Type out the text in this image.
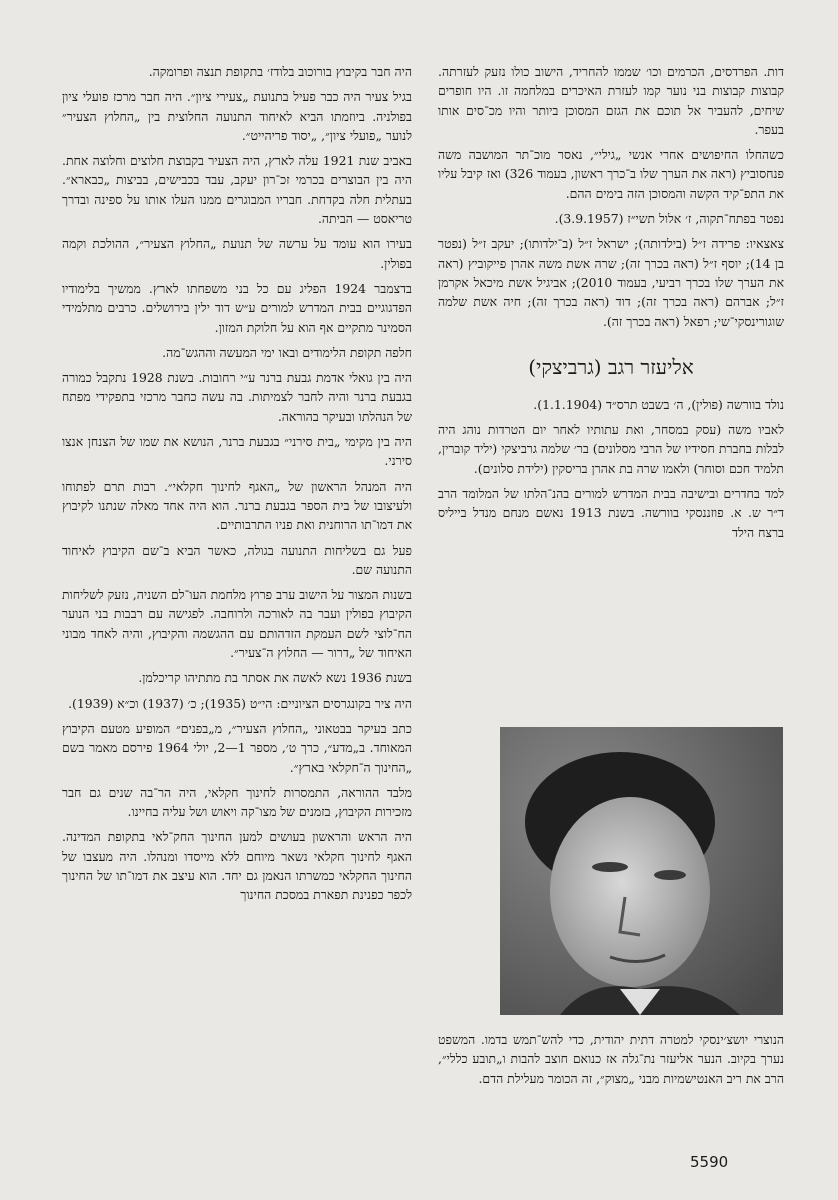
דות. הפרדסים, הכרמים וכו׳ שממו להחריד, הישוב כולו נזעק לעזרתה. קבוצות קבוצות בני נוער קמו לעזרת האיכרים במלחמה זו. היו חופרים שיחים, להעביר אל תוכם את הגזם המסוכן ביותר והיו מכ־סים אותו בעפר.

כשהחלו החיפושים אחרי אנשי „גילי״, נאסר מוכ־תר המושבה משה פנחסוביץ (ראה את הערך שלו ב־כרך ראשון, בעמוד 326) ואז קיבל עליו את התפ־קיד הקשה והמסוכן הזה בימים ההם.

נפטר בפתח־תקוה, ז׳ אלול תשי״ז (3.9.1957).

צאצאיו: פרידה ז״ל (בילדותה); ישראל ז״ל (ב־ילדותו); יעקב ז״ל (נפטר בן 14); יוסף ז״ל (ראה בכרך זה); שרה אשת משה אהרן פייקוביץ (ראה את הערך שלו בכרך רביעי, בעמוד 2010); אביגיל אשת מיכאל אקרמן ז״ל; אברהם (ראה בכרך זה); דוד (ראה בכרך זה); חיה אשת שלמה שוגורינסקי־שי; רפאל (ראה בכרך זה).

אליעזר רגב (גרביצקי)

נולד בוורשה (פולין), ה׳ בשבט תרס״ד (1.1.1904).

לאביו משה (עסק במסחר, ואת עתותיו לאחר יום הטרדות נוהג היה לבלות בחברת חסידיו של הרבי מסלונים) בר׳ שלמה גרביצקי (יליד קוברין, תלמיד חכם וסוחר) ולאמו שרה בת אהרן בריסקין (ילידת סלונים).

למד בחדרים ובישיבה בבית המדרש למורים בהנ־הלתו של המלומד הרב ד״ר ש. א. פוזננסקי בוורשה. בשנת 1913 נאשם מנחם מנדל בייליס ברצח הילד

הנוצרי יושצ׳ינסקי למטרה דתית יהודית, כדי להש־תמש בדמו. המשפט נערך בקיוב. הנער אליעזר נת־גלה אז כנואם חוצב להבות ו„תובע כללי״, הרב את ריב האנטישמיות מבני „מצוק״, זה הכומר מעלילת הדם.

היה חבר בקיבוץ בורוכוב בלודז׳ בתקופת תנצה ופרומקה.

בגיל צעיר היה כבר פעיל בתנועת „צעירי ציון״. היה חבר מרכז פועלי ציון בפולניה. ביוזמתו הביא לאיחוד התנועה החלוצית בין „החלוץ הצעיר״ לנוער „פועלי ציון״, „יסוד פריהייט״.

באביב שנת 1921 עלה לארץ, היה הצעיר בקבוצת חלוצים וחלוצה אחת. היה בין הבוצרים בכרמי זכ־רון יעקב, עבד בכבישים, בביצות „כבארא״. בעתלית חלה בקדחת. חבריו המבוגרים ממנו העלו אותו על ספינה ובדרך טריאסט — הביתה.

בעירו הוא עומד על ערשה של תנועת „החלוץ הצעיר״, ההולכת וקמה בפולין.

בדצמבר 1924 הפליג עם כל בני משפחתו לארץ. ממשיך בלימודיו הפדגוגיים בבית המדרש למורים ע״ש דוד ילין בירושלים. כרבים מתלמידי הסמינר מתקיים אף הוא על חלוקת המזון.

חלפה תקופת הלימודים ובאו ימי המעשה וההגש־מה.

היה בין גואלי אדמת גבעת ברנר ע״י רחובות. בשנת 1928 נתקבל כמורה בגבעת ברנר והיה לחבר לצמיתות. בה עשה כחבר מרכזי בתפקידי מפתח של הנהלתו ובעיקר בהוראה.

היה בין מקימי „בית סירני״ בגבעת ברנר, הנושא את שמו של הצנחן אנצו סירני.

היה המנהל הראשון של „האגף לחינוך חקלאי״. רבות תרם לפתוחו ולעיצובו של בית הספר בגבעת ברנר. הוא היה אחד מאלה שנתנו לקיבוץ את דמו־תו הרוחנית ואת פניו התרבותיים.

פעל גם בשליחות התנועה בגולה, כאשר הביא ב־שם הקיבוץ לאיחוד התנועה שם.

בשנות המצור על הישוב ערב פרוץ מלחמת העו־לם השניה, נזעק לשליחות הקיבוץ בפולין ועבר בה לאורכה ולרוחבה. לפגישה עם רבבות בני הנוער הח־לוצי לשם העמקת הזדהותם עם ההגשמה והקיבוץ, והיה לאחד מבוני האיחוד של „דרור — החלוץ ה־צעיר״.

בשנת 1936 נשא לאשה את אסתר בת מתתיהו קריכלמן.

היה ציר בקונגרסים הציוניים: הי״ט (1935); כ׳ (1937) וכ״א (1939).

כתב בעיקר בבטאוני „החלוץ הצעיר״, מ„בפנים״ המופיע מטעם הקיבוץ המאוחד. ב„מדע״, כרך ט׳, מספר 1—2, יולי 1964 פירסם מאמר בשם „החינוך ה־חקלאי בארץ״.

מלבד ההוראה, התמסרות לחינוך חקלאי, היה הר־בה שנים גם חבר מזכירות הקיבוץ, בזמנים של מצו־קה ויאוש ושל עליה בחיינו.

היה הראש והראשון בעושים למען החינוך החק־לאי בתקופת המדינה. האגף לחינוך חקלאי נשאר מיוחם ללא מייסדו ומנהלו. היה מעצבו של החינוך החקלאי כמשרתו הנאמן גם יחד. הוא עיצב את דמו־תו של החינוך לכפר כפנינת תפארת במסכת החינוך

5590
